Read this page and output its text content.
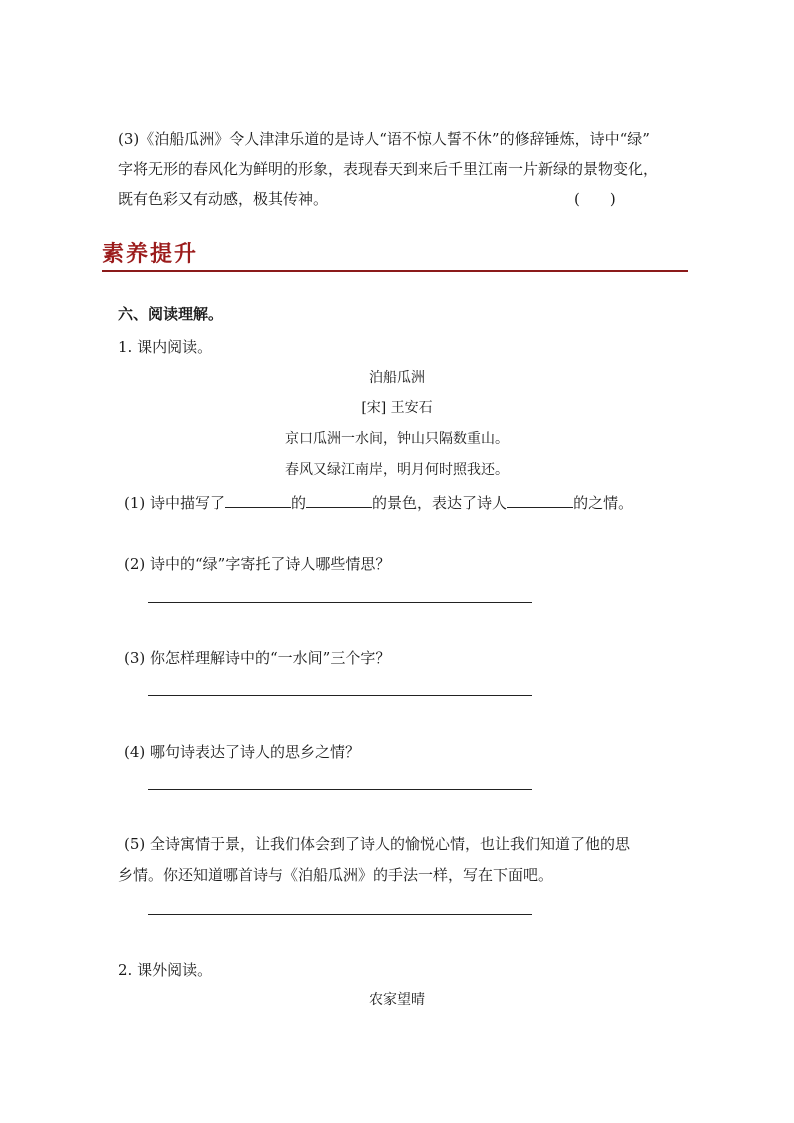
(3)《泊船瓜洲》令人津津乐道的是诗人“语不惊人誓不休”的修辞锤炼，诗中“绿”
字将无形的春风化为鲜明的形象，表现春天到来后千里江南一片新绿的景物变化，
既有色彩又有动感，极其传神。	( )
素养提升
六、阅读理解。
1. 课内阅读。
泊船瓜洲
[宋] 王安石
京口瓜洲一水间，钟山只隔数重山。
春风又绿江南岸，明月何时照我还。
(1) 诗中描写了	的	的景色，表达了诗人	的之情。
(2) 诗中的“绿”字寄托了诗人哪些情思？
(3) 你怎样理解诗中的“一水间”三个字？
(4) 哪句诗表达了诗人的思乡之情？
(5) 全诗寓情于景，让我们体会到了诗人的愉悦心情，也让我们知道了他的思
乡情。你还知道哪首诗与《泊船瓜洲》的手法一样，写在下面吧。
2. 课外阅读。
农家望晴
